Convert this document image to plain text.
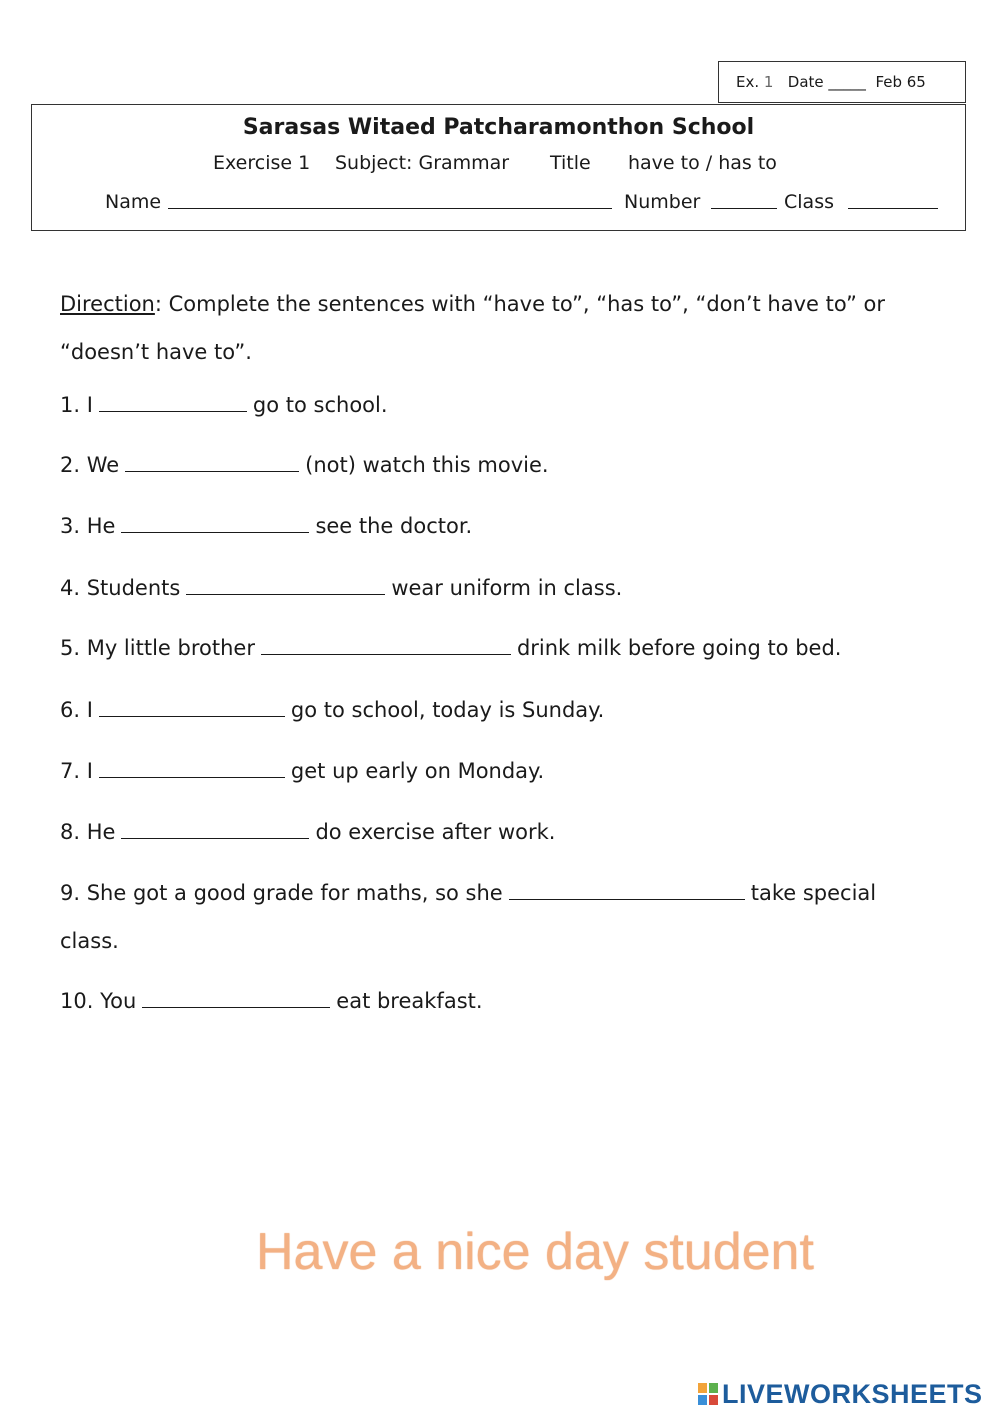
Ex.
1
Date _____
Feb 65
Sarasas Witaed Patcharamonthon School
Exercise 1 Subject: Grammar Title have to / has to
Name	Number	Class
Direction: Complete the sentences with “have to”, “has to”, “don’t have to” or “doesn’t have to”.
1. I	go to school.
2. We	(not) watch this movie.
3. He	see the doctor.
4. Students	wear uniform in class.
5. My little brother	drink milk before going to bed.
6. I	go to school, today is Sunday.
7. I	get up early on Monday.
8. He	do exercise after work.
9. She got a good grade for maths, so she	take special
class.
10. You	eat breakfast.
Have a nice day student
LIVEWORKSHEETS
